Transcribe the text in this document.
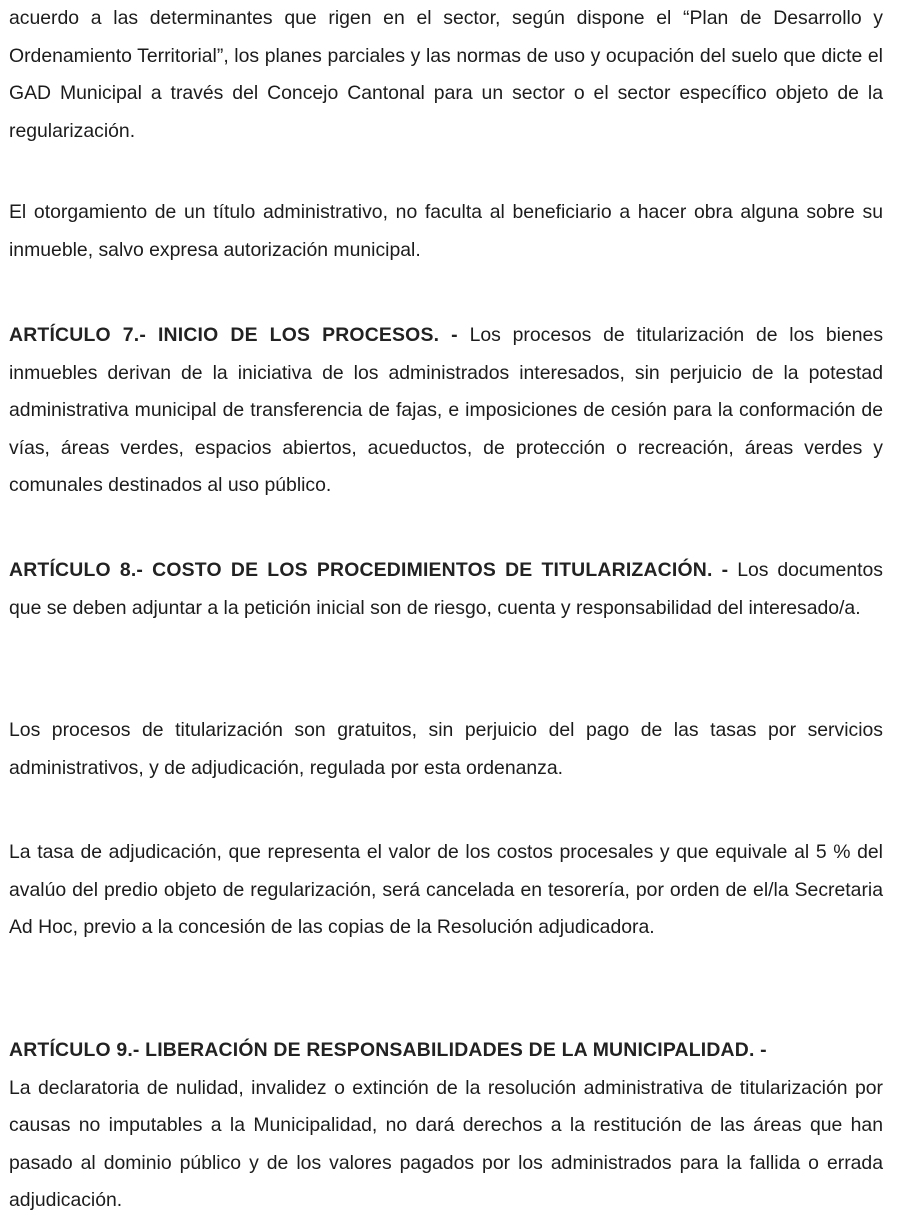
acuerdo a las determinantes que rigen en el sector, según dispone el “Plan de Desarrollo y Ordenamiento Territorial”, los planes parciales y las normas de uso y ocupación del suelo que dicte el GAD Municipal a través del Concejo Cantonal para un sector o el sector específico objeto de la regularización.

El otorgamiento de un título administrativo, no faculta al beneficiario a hacer obra alguna sobre su inmueble, salvo expresa autorización municipal.

ARTÍCULO 7.- INICIO DE LOS PROCESOS. - Los procesos de titularización de los bienes inmuebles derivan de la iniciativa de los administrados interesados, sin perjuicio de la potestad administrativa municipal de transferencia de fajas, e imposiciones de cesión para la conformación de vías, áreas verdes, espacios abiertos, acueductos, de protección o recreación, áreas verdes y comunales destinados al uso público.

ARTÍCULO 8.- COSTO DE LOS PROCEDIMIENTOS DE TITULARIZACIÓN. - Los documentos que se deben adjuntar a la petición inicial son de riesgo, cuenta y responsabilidad del interesado/a.

Los procesos de titularización son gratuitos, sin perjuicio del pago de las tasas por servicios administrativos, y de adjudicación, regulada por esta ordenanza.

La tasa de adjudicación, que representa el valor de los costos procesales y que equivale al 5 % del avalúo del predio objeto de regularización, será cancelada en tesorería, por orden de el/la Secretaria Ad Hoc, previo a la concesión de las copias de la Resolución adjudicadora.

ARTÍCULO 9.- LIBERACIÓN DE RESPONSABILIDADES DE LA MUNICIPALIDAD. -
La declaratoria de nulidad, invalidez o extinción de la resolución administrativa de titularización por causas no imputables a la Municipalidad, no dará derechos a la restitución de las áreas que han pasado al dominio público y de los valores pagados por los administrados para la fallida o errada adjudicación.
